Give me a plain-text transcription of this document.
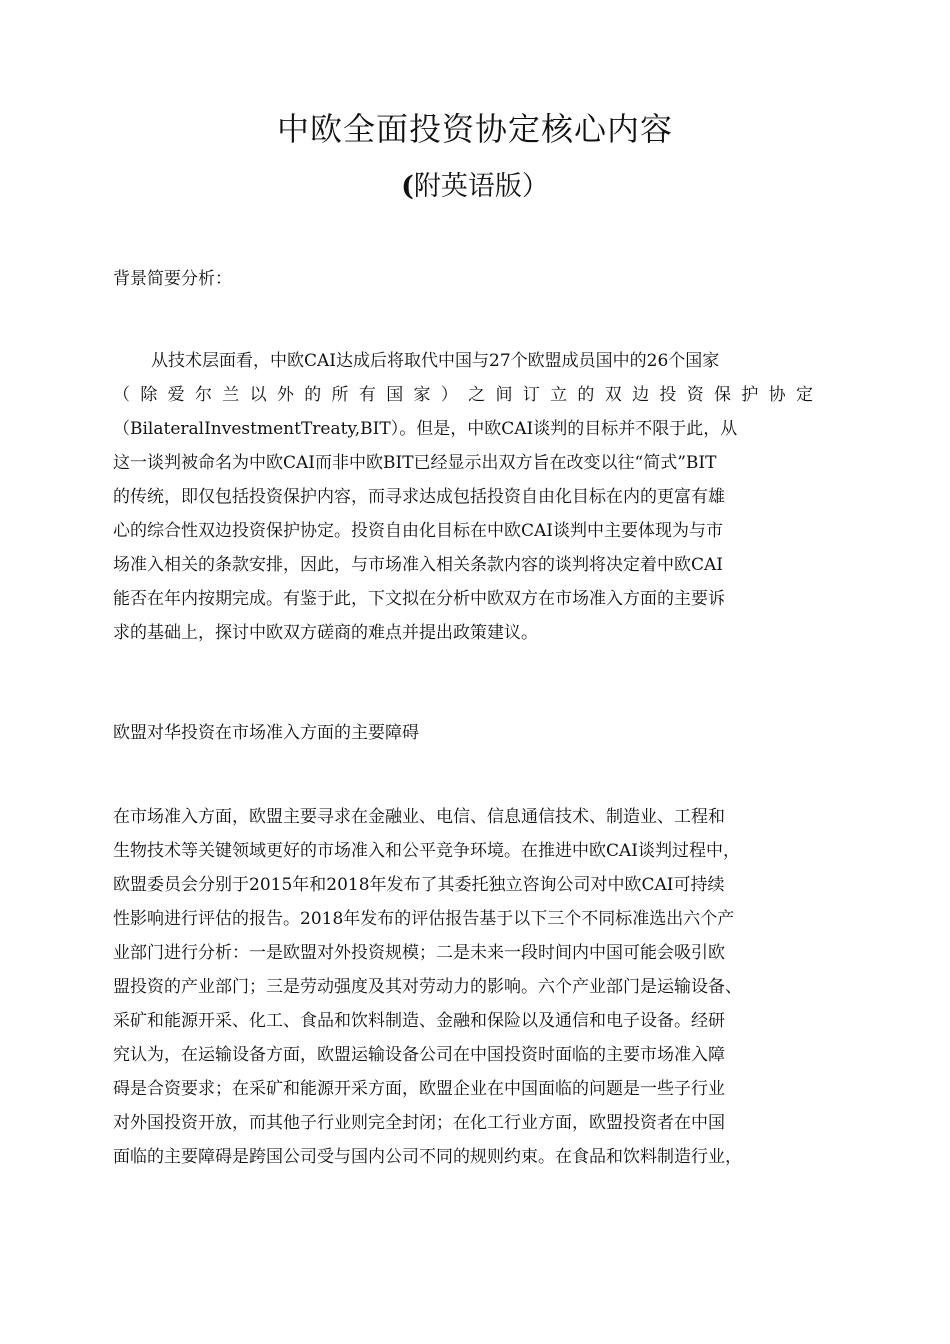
中欧全面投资协定核心内容
(附英语版）

背景简要分析：

从技术层面看，中欧CAI达成后将取代中国与27个欧盟成员国中的26个国家
（ 除 爱 尔 兰 以 外 的 所 有 国 家 ） 之 间 订 立 的 双 边 投 资 保 护 协 定
（BilateralInvestmentTreaty,BIT）。但是，中欧CAI谈判的目标并不限于此，从
这一谈判被命名为中欧CAI而非中欧BIT已经显示出双方旨在改变以往“简式”BIT
的传统，即仅包括投资保护内容，而寻求达成包括投资自由化目标在内的更富有雄
心的综合性双边投资保护协定。投资自由化目标在中欧CAI谈判中主要体现为与市
场准入相关的条款安排，因此，与市场准入相关条款内容的谈判将决定着中欧CAI
能否在年内按期完成。有鉴于此，下文拟在分析中欧双方在市场准入方面的主要诉
求的基础上，探讨中欧双方磋商的难点并提出政策建议。

欧盟对华投资在市场准入方面的主要障碍

在市场准入方面，欧盟主要寻求在金融业、电信、信息通信技术、制造业、工程和
生物技术等关键领域更好的市场准入和公平竞争环境。在推进中欧CAI谈判过程中，
欧盟委员会分别于2015年和2018年发布了其委托独立咨询公司对中欧CAI可持续
性影响进行评估的报告。2018年发布的评估报告基于以下三个不同标准选出六个产
业部门进行分析：一是欧盟对外投资规模；二是未来一段时间内中国可能会吸引欧
盟投资的产业部门；三是劳动强度及其对劳动力的影响。六个产业部门是运输设备、
采矿和能源开采、化工、食品和饮料制造、金融和保险以及通信和电子设备。经研
究认为，在运输设备方面，欧盟运输设备公司在中国投资时面临的主要市场准入障
碍是合资要求；在采矿和能源开采方面，欧盟企业在中国面临的问题是一些子行业
对外国投资开放，而其他子行业则完全封闭；在化工行业方面，欧盟投资者在中国
面临的主要障碍是跨国公司受与国内公司不同的规则约束。在食品和饮料制造行业，
